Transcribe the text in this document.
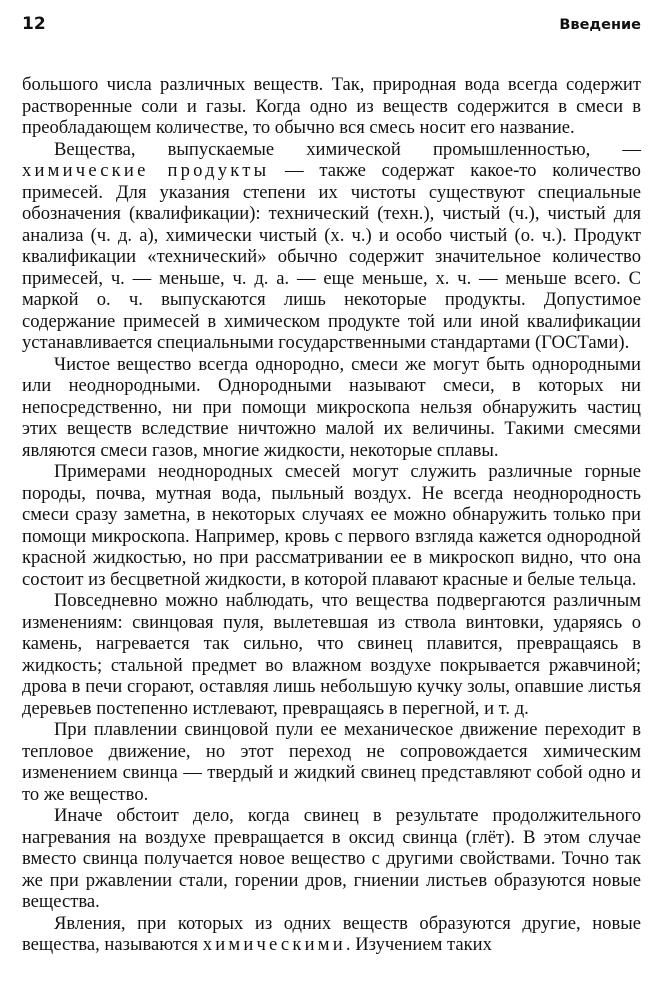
12	Введение

большого числа различных веществ. Так, природная вода всегда содержит растворенные соли и газы. Когда одно из веществ содержится в смеси в преобладающем количестве, то обычно вся смесь носит его название.

Вещества, выпускаемые химической промышленностью, — химические продукты — также содержат какое-то количество примесей. Для указания степени их чистоты существуют специальные обозначения (квалификации): технический (техн.), чистый (ч.), чистый для анализа (ч. д. а), химически чистый (х. ч.) и особо чистый (о. ч.). Продукт квалификации «технический» обычно содержит значительное количество примесей, ч. — меньше, ч. д. а. — еще меньше, х. ч. — меньше всего. С маркой о. ч. выпускаются лишь некоторые продукты. Допустимое содержание примесей в химическом продукте той или иной квалификации устанавливается специальными государственными стандартами (ГОСТами).

Чистое вещество всегда однородно, смеси же могут быть однородными или неоднородными. Однородными называют смеси, в которых ни непосредственно, ни при помощи микроскопа нельзя обнаружить частиц этих веществ вследствие ничтожно малой их величины. Такими смесями являются смеси газов, многие жидкости, некоторые сплавы.

Примерами неоднородных смесей могут служить различные горные породы, почва, мутная вода, пыльный воздух. Не всегда неоднородность смеси сразу заметна, в некоторых случаях ее можно обнаружить только при помощи микроскопа. Например, кровь с первого взгляда кажется однородной красной жидкостью, но при рассматривании ее в микроскоп видно, что она состоит из бесцветной жидкости, в которой плавают красные и белые тельца.

Повседневно можно наблюдать, что вещества подвергаются различным изменениям: свинцовая пуля, вылетевшая из ствола винтовки, ударяясь о камень, нагревается так сильно, что свинец плавится, превращаясь в жидкость; стальной предмет во влажном воздухе покрывается ржавчиной; дрова в печи сгорают, оставляя лишь небольшую кучку золы, опавшие листья деревьев постепенно истлевают, превращаясь в перегной, и т. д.

При плавлении свинцовой пули ее механическое движение переходит в тепловое движение, но этот переход не сопровождается химическим изменением свинца — твердый и жидкий свинец представляют собой одно и то же вещество.

Иначе обстоит дело, когда свинец в результате продолжительного нагревания на воздухе превращается в оксид свинца (глёт). В этом случае вместо свинца получается новое вещество с другими свойствами. Точно так же при ржавлении стали, горении дров, гниении листьев образуются новые вещества.

Явления, при которых из одних веществ образуются другие, новые вещества, называются химическими. Изучением таких
